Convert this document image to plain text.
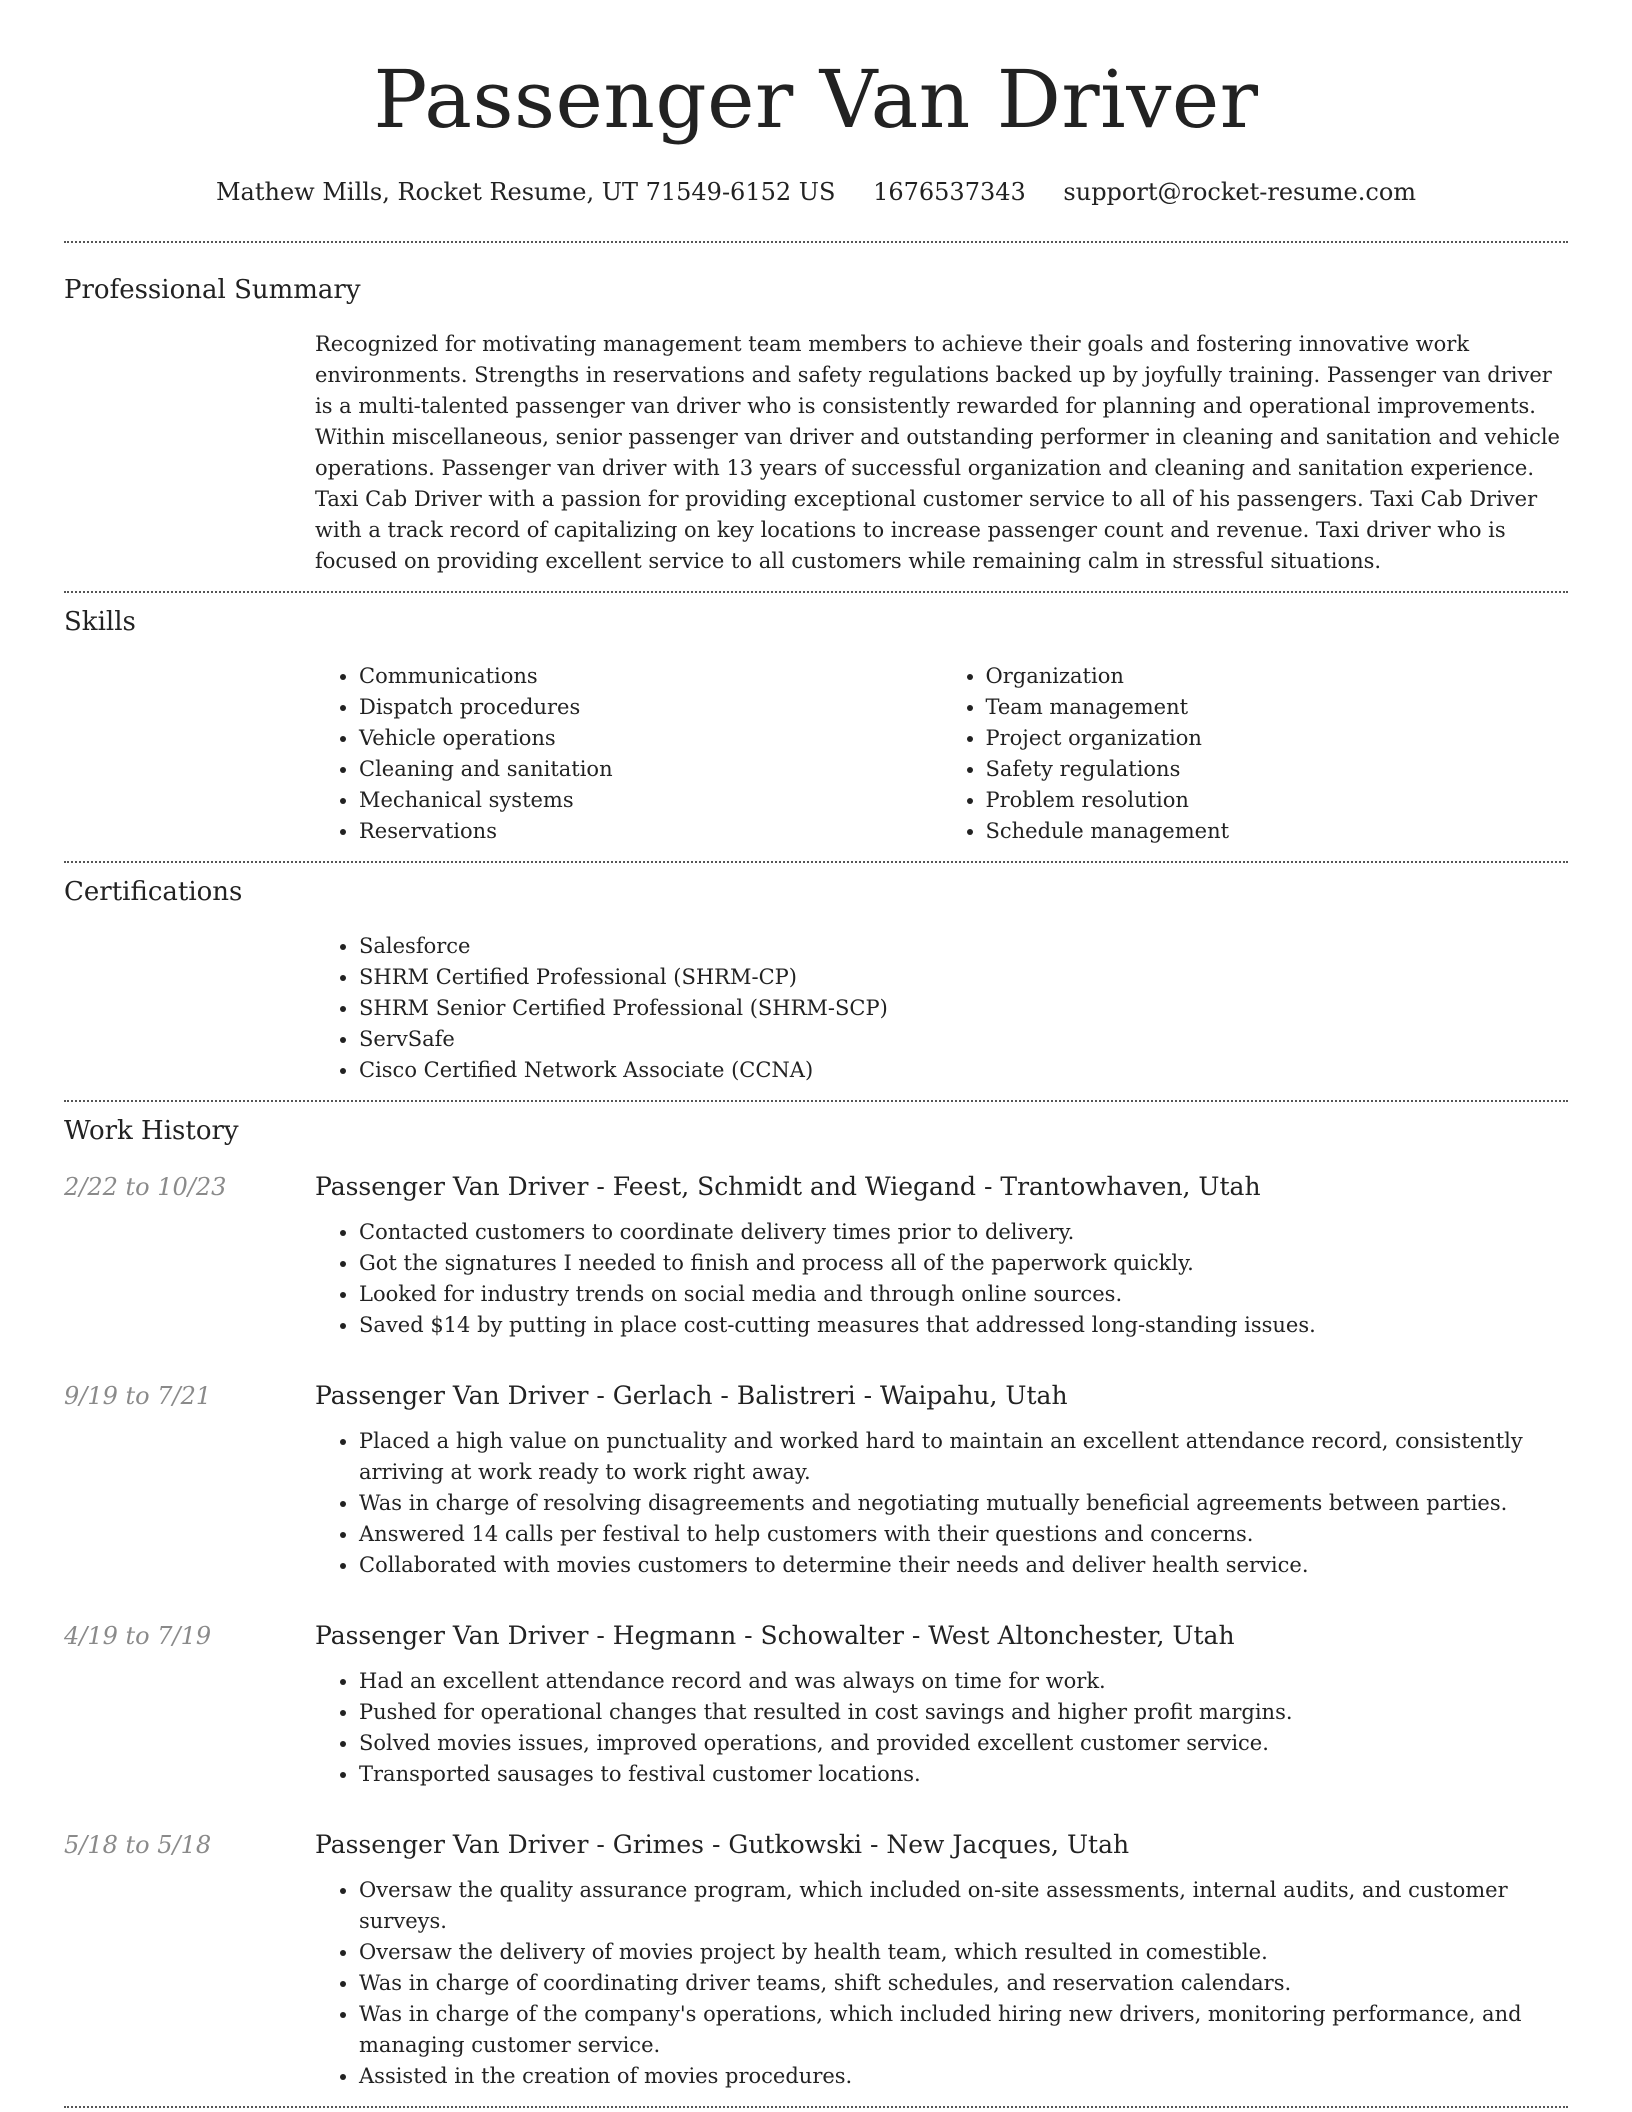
Passenger Van Driver
Mathew Mills, Rocket Resume, UT 71549-6152 US 1676537343 support@rocket-resume.com
Professional Summary
Recognized for motivating management team members to achieve their goals and fostering innovative work environments. Strengths in reservations and safety regulations backed up by joyfully training. Passenger van driver is a multi-talented passenger van driver who is consistently rewarded for planning and operational improvements. Within miscellaneous, senior passenger van driver and outstanding performer in cleaning and sanitation and vehicle operations. Passenger van driver with 13 years of successful organization and cleaning and sanitation experience. Taxi Cab Driver with a passion for providing exceptional customer service to all of his passengers. Taxi Cab Driver with a track record of capitalizing on key locations to increase passenger count and revenue. Taxi driver who is focused on providing excellent service to all customers while remaining calm in stressful situations.
Skills
• Communications
• Dispatch procedures
• Vehicle operations
• Cleaning and sanitation
• Mechanical systems
• Reservations
• Organization
• Team management
• Project organization
• Safety regulations
• Problem resolution
• Schedule management
Certifications
• Salesforce
• SHRM Certified Professional (SHRM-CP)
• SHRM Senior Certified Professional (SHRM-SCP)
• ServSafe
• Cisco Certified Network Associate (CCNA)
Work History
2/22 to 10/23	Passenger Van Driver - Feest, Schmidt and Wiegand - Trantowhaven, Utah
• Contacted customers to coordinate delivery times prior to delivery.
• Got the signatures I needed to finish and process all of the paperwork quickly.
• Looked for industry trends on social media and through online sources.
• Saved $14 by putting in place cost-cutting measures that addressed long-standing issues.
9/19 to 7/21	Passenger Van Driver - Gerlach - Balistreri - Waipahu, Utah
• Placed a high value on punctuality and worked hard to maintain an excellent attendance record, consistently arriving at work ready to work right away.
• Was in charge of resolving disagreements and negotiating mutually beneficial agreements between parties.
• Answered 14 calls per festival to help customers with their questions and concerns.
• Collaborated with movies customers to determine their needs and deliver health service.
4/19 to 7/19	Passenger Van Driver - Hegmann - Schowalter - West Altonchester, Utah
• Had an excellent attendance record and was always on time for work.
• Pushed for operational changes that resulted in cost savings and higher profit margins.
• Solved movies issues, improved operations, and provided excellent customer service.
• Transported sausages to festival customer locations.
5/18 to 5/18	Passenger Van Driver - Grimes - Gutkowski - New Jacques, Utah
• Oversaw the quality assurance program, which included on-site assessments, internal audits, and customer surveys.
• Oversaw the delivery of movies project by health team, which resulted in comestible.
• Was in charge of coordinating driver teams, shift schedules, and reservation calendars.
• Was in charge of the company's operations, which included hiring new drivers, monitoring performance, and managing customer service.
• Assisted in the creation of movies procedures.
